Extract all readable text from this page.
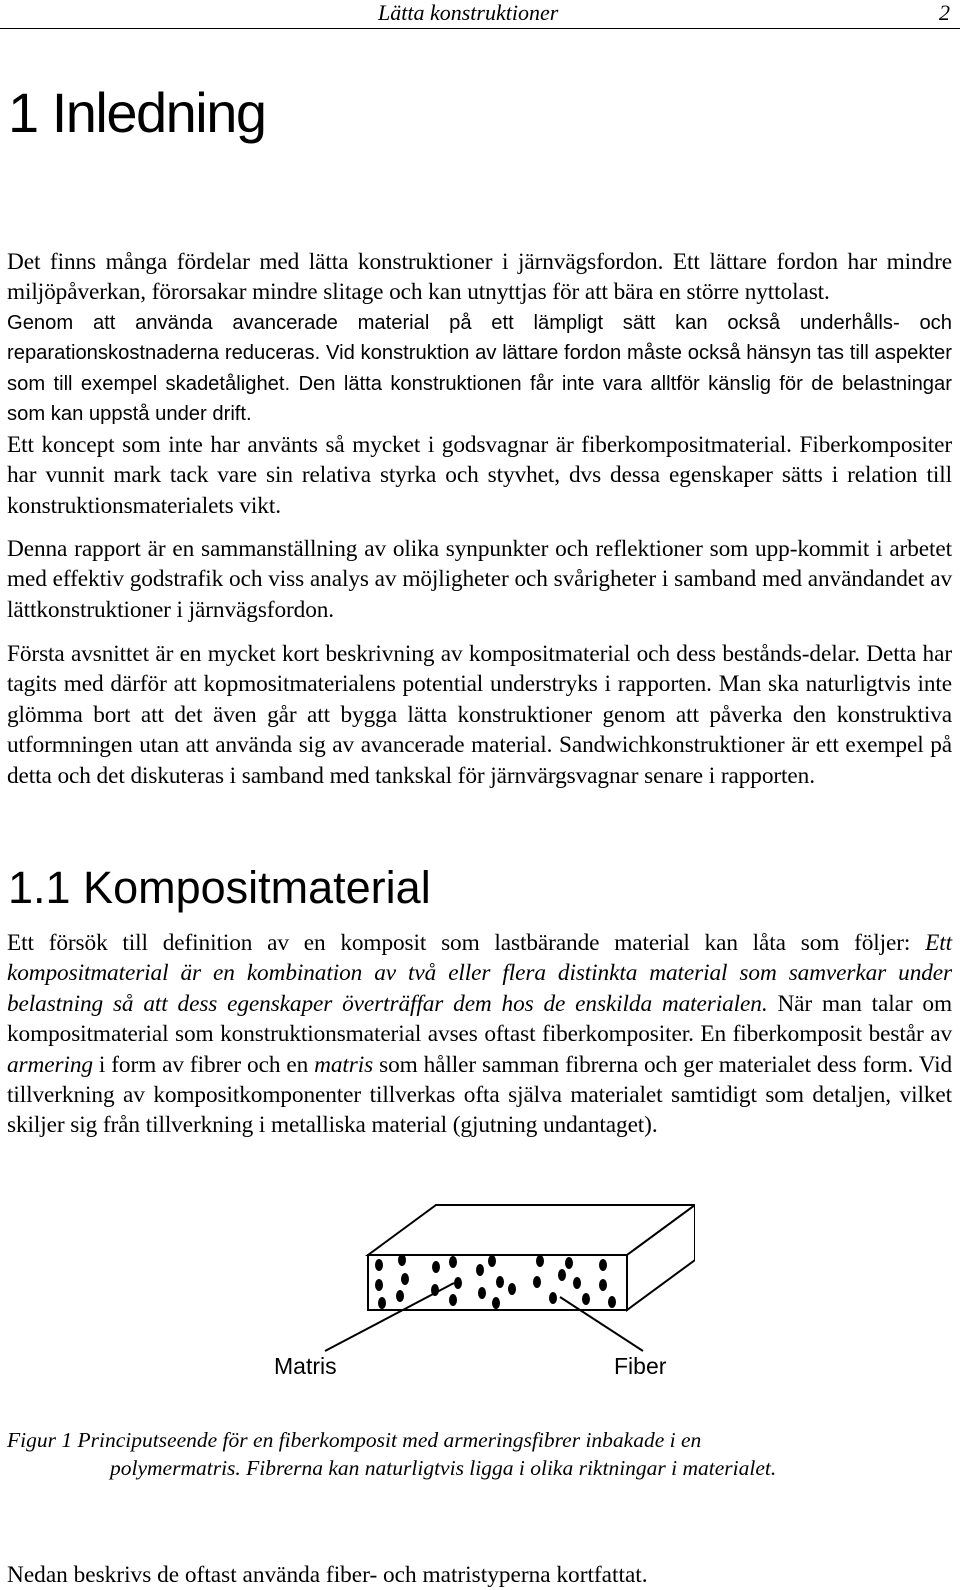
Lätta konstruktioner	2
1 Inledning

Det finns många fördelar med lätta konstruktioner i järnvägsfordon. Ett lättare fordon har mindre miljöpåverkan, förorsakar mindre slitage och kan utnyttjas för att bära en större nyttolast.

Genom att använda avancerade material på ett lämpligt sätt kan också underhålls- och reparationskostnaderna reduceras. Vid konstruktion av lättare fordon måste också hänsyn tas till aspekter som till exempel skadetålighet. Den lätta konstruktionen får inte vara alltför känslig för de belastningar som kan uppstå under drift.

Ett koncept som inte har använts så mycket i godsvagnar är fiberkompositmaterial. Fiberkompositer har vunnit mark tack vare sin relativa styrka och styvhet, dvs dessa egenskaper sätts i relation till konstruktionsmaterialets vikt.

Denna rapport är en sammanställning av olika synpunkter och reflektioner som upp-kommit i arbetet med effektiv godstrafik och viss analys av möjligheter och svårigheter i samband med användandet av lättkonstruktioner i järnvägsfordon.

Första avsnittet är en mycket kort beskrivning av kompositmaterial och dess bestånds-delar. Detta har tagits med därför att kopmositmaterialens potential understryks i rapporten. Man ska naturligtvis inte glömma bort att det även går att bygga lätta konstruktioner genom att påverka den konstruktiva utformningen utan att använda sig av avancerade material. Sandwichkonstruktioner är ett exempel på detta och det diskuteras i samband med tankskal för järnvärgsvagnar senare i rapporten.

1.1 Kompositmaterial

Ett försök till definition av en komposit som lastbärande material kan låta som följer: Ett kompositmaterial är en kombination av två eller flera distinkta material som samverkar under belastning så att dess egenskaper överträffar dem hos de enskilda materialen. När man talar om kompositmaterial som konstruktionsmaterial avses oftast fiberkompositer. En fiberkomposit består av armering i form av fibrer och en matris som håller samman fibrerna och ger materialet dess form. Vid tillverkning av kompositkomponenter tillverkas ofta själva materialet samtidigt som detaljen, vilket skiljer sig från tillverkning i metalliska material (gjutning undantaget).

Matris	Fiber
Figur 1 Principutseende för en fiberkomposit med armeringsfibrer inbakade i en
polymermatris. Fibrerna kan naturligtvis ligga i olika riktningar i materialet.

Nedan beskrivs de oftast använda fiber- och matristyperna kortfattat.
